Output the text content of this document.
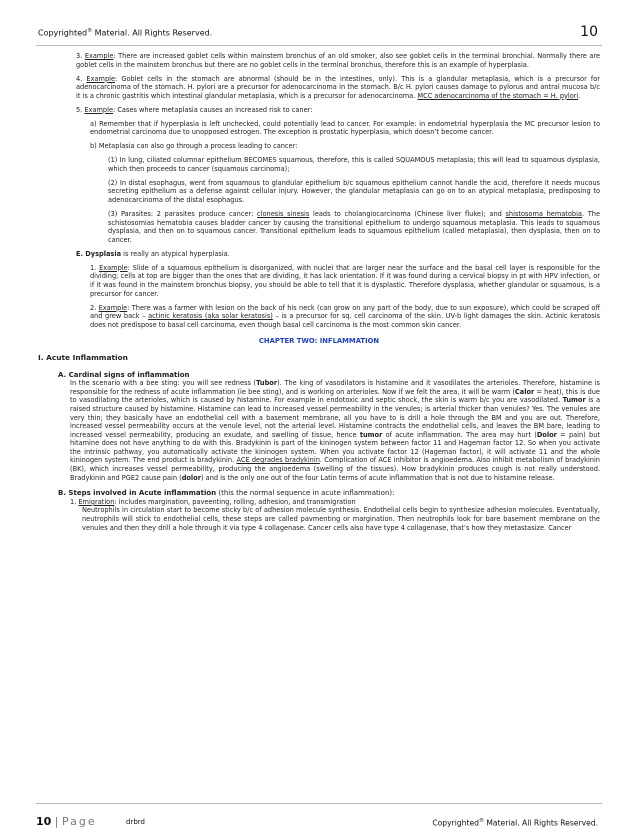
Copyrighted® Material. All Rights Reserved.	10
3. Example: There are increased goblet cells within mainstem bronchus of an old smoker, also see goblet cells in the terminal bronchial. Normally there are goblet cells in the mainstem bronchus but there are no goblet cells in the terminal bronchus, therefore this is an example of hyperplasia.
4. Example: Goblet cells in the stomach are abnormal (should be in the intestines, only). This is a glandular metaplasia, which is a precursor for adenocarcinoma of the stomach. H. pylori are a precursor for adenocarcinoma in the stomach. B/c H. pylori causes damage to pylorus and antral mucosa b/c it is a chronic gastritis which intestinal glandular metaplasia, which is a precursor for adenocarcinoma. MCC adenocarcinoma of the stomach = H. pylori.
5. Example: Cases where metaplasia causes an increased risk to caner:
a) Remember that if hyperplasia is left unchecked, could potentially lead to cancer. For example: in endometrial hyperplasia the MC precursor lesion to endometrial carcinoma due to unopposed estrogen. The exception is prostatic hyperplasia, which doesn’t become cancer.
b) Metaplasia can also go through a process leading to cancer:
(1) In lung, ciliated columnar epithelium BECOMES squamous, therefore, this is called SQUAMOUS metaplasia; this will lead to squamous dysplasia, which then proceeds to cancer (squamous carcinoma);
(2) In distal esophagus, went from squamous to glandular epithelium b/c squamous epithelium cannot handle the acid, therefore it needs mucous secreting epithelium as a defense against cellular injury. However, the glandular metaplasia can go on to an atypical metaplasia, predisposing to adenocarcinoma of the distal esophagus.
(3) Parasites: 2 parasites produce cancer: clonesis sinesis leads to cholangiocarcinoma (Chinese liver fluke); and shistosoma hematobia. The schistosomias hematobia causes bladder cancer by causing the transitional epithelium to undergo squamous metaplasia. This leads to squamous dysplasia, and then on to squamous cancer. Transitional epithelium leads to squamous epithelium (called metaplasia), then dysplasia, then on to cancer.
E. Dysplasia is really an atypical hyperplasia.
1. Example: Slide of a squamous epithelium is disorganized, with nuclei that are larger near the surface and the basal cell layer is responsible for the dividing; cells at top are bigger than the ones that are dividing, it has lack orientation. If it was found during a cervical biopsy in pt with HPV infection, or if it was found in the mainstem bronchus biopsy, you should be able to tell that it is dysplastic. Therefore dysplasia, whether glandular or squamous, is a precursor for cancer.
2. Example: There was a farmer with lesion on the back of his neck (can grow on any part of the body, due to sun exposure), which could be scraped off and grew back – actinic keratosis (aka solar keratosis) – is a precursor for sq. cell carcinoma of the skin. UV-b light damages the skin. Actinic keratosis does not predispose to basal cell carcinoma, even though basal cell carcinoma is the most common skin cancer.
CHAPTER TWO: INFLAMMATION
I. Acute Inflammation
A. Cardinal signs of inflammation
In the scenario with a bee sting: you will see redness (Tubor). The king of vasodilators is histamine and it vasodilates the arterioles. Therefore, histamine is responsible for the redness of acute inflammation (ie bee sting), and is working on arterioles. Now if we felt the area, it will be warm (Calor = heat), this is due to vasodilating the arterioles, which is caused by histamine. For example in endotoxic and septic shock, the skin is warm b/c you are vasodilated. Tumor is a raised structure caused by histamine. Histamine can lead to increased vessel permeability in the venules; is arterial thicker than venules? Yes. The venules are very thin; they basically have an endothelial cell with a basement membrane, all you have to is drill a hole through the BM and you are out. Therefore, increased vessel permeability occurs at the venule level, not the arterial level. Histamine contracts the endothelial cells, and leaves the BM bare, leading to increased vessel permeability, producing an exudate, and swelling of tissue, hence tumor of acute inflammation. The area may hurt (Dolor = pain) but hitamine does not have anything to do with this. Bradykinin is part of the kininogen system between factor 11 and Hageman factor 12. So when you activate the intrinsic pathway, you automatically activate the kininogen system. When you activate factor 12 (Hageman factor), it will activate 11 and the whole kininogen system. The end product is bradykinin. ACE degrades bradykinin. Complication of ACE inhibitor is angioedema. Also inhibit metabolism of bradykinin (BK), which increases vessel permeability, producing the angioedema (swelling of the tissues). How bradykinin produces cough is not really understood. Bradykinin and PGE2 cause pain (dolor) and is the only one out of the four Latin terms of acute inflammation that is not due to histamine release.
B. Steps involved in Acute inflammation (this the normal sequence in acute inflammation):
1. Emigration: includes margination, paveenting, rolling, adhesion, and transmigration
Neutrophils in circulation start to become sticky b/c of adhesion molecule synthesis. Endothelial cells begin to synthesize adhesion molecules. Eventatually, neutrophils will stick to endothelial cells, these steps are called pavmenting or margination. Then neutrophils look for bare basement membrane on the venules and then they drill a hole through it via type 4 collagenase. Cancer cells also have type 4 collagenase, that’s how they metastasize. Cancer
10 | Page	drbrd	Copyrighted® Material. All Rights Reserved.
